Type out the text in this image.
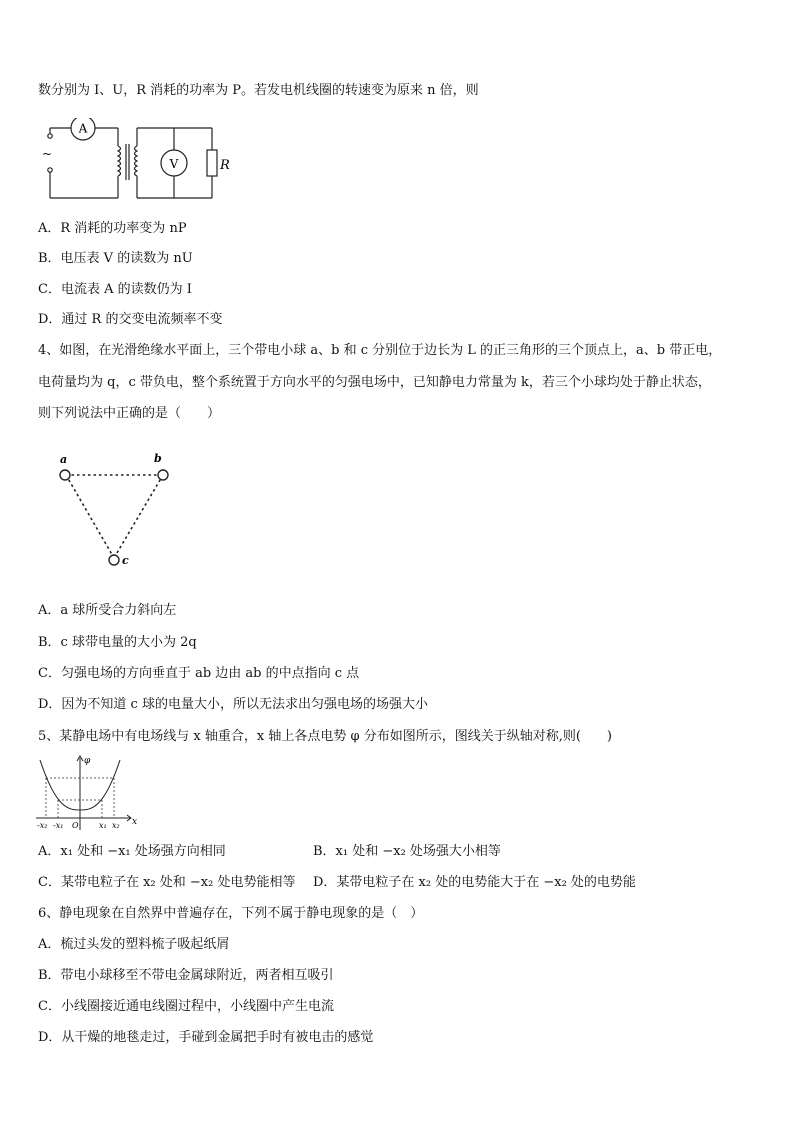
数分别为 I、U，R 消耗的功率为 P。若发电机线圈的转速变为原来 n 倍，则
A
V	R
~
A．R 消耗的功率变为 nP
B．电压表 V 的读数为 nU
C．电流表 A 的读数仍为 I
D．通过 R 的交变电流频率不变
4、如图，在光滑绝缘水平面上，三个带电小球 a、b 和 c 分别位于边长为 L 的正三角形的三个顶点上，a、b 带正电，
电荷量均为 q，c 带负电，整个系统置于方向水平的匀强电场中，已知静电力常量为 k，若三个小球均处于静止状态，
则下列说法中正确的是（　　）
a	b
c
A．a 球所受合力斜向左
B．c 球带电量的大小为 2q
C．匀强电场的方向垂直于 ab 边由 ab 的中点指向 c 点
D．因为不知道 c 球的电量大小，所以无法求出匀强电场的场强大小
5、某静电场中有电场线与 x 轴重合，x 轴上各点电势 φ 分布如图所示，图线关于纵轴对称,则(　　)
φ
x
-x₂ -x₁ O	x₁ x₂
A．x₁ 处和 −x₁ 处场强方向相同	B．x₁ 处和 −x₂ 处场强大小相等
C．某带电粒子在 x₂ 处和 −x₂ 处电势能相等 D．某带电粒子在 x₂ 处的电势能大于在 −x₂ 处的电势能
6、静电现象在自然界中普遍存在，下列不属于静电现象的是（　）
A．梳过头发的塑料梳子吸起纸屑
B．带电小球移至不带电金属球附近，两者相互吸引
C．小线圈接近通电线圈过程中，小线圈中产生电流
D．从干燥的地毯走过，手碰到金属把手时有被电击的感觉
